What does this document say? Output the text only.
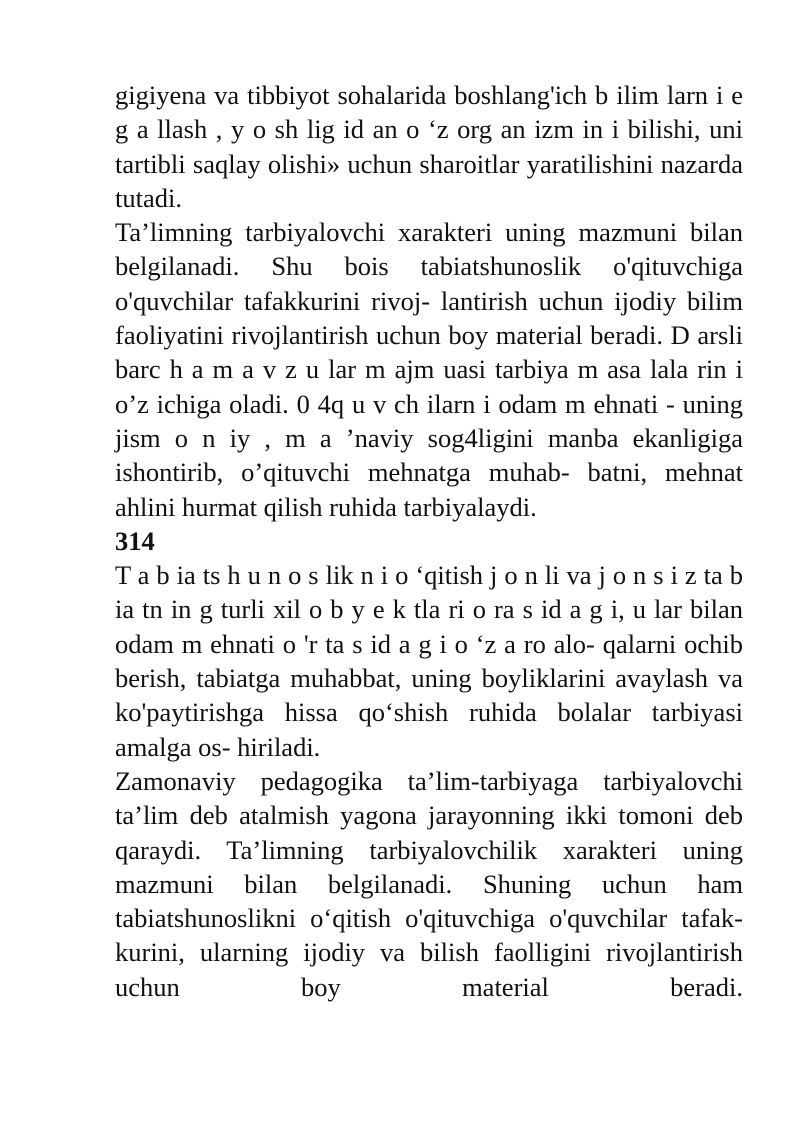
gigiyena va tibbiyot sohalarida boshlang'ich b ilim larn i e g a llash , y o sh lig id an o ‘z org an izm in i bilishi, uni tartibli saqlay olishi» uchun sharoitlar yaratilishini nazarda tutadi.

Ta’limning tarbiyalovchi xarakteri uning mazmuni bilan belgilanadi. Shu bois tabiatshunoslik o'qituvchiga o'quvchilar tafakkurini rivoj- lantirish uchun ijodiy bilim faoliyatini rivojlantirish uchun boy material beradi. D arsli barc h a m a v z u lar m ajm uasi tarbiya m asa lala rin i o’z ichiga oladi. 0 4q u v ch ilarn i odam m ehnati - uning jism o n iy , m a ’naviy sog4ligini manba ekanligiga ishontirib, o’qituvchi mehnatga muhab- batni, mehnat ahlini hurmat qilish ruhida tarbiyalaydi.

314

T a b ia ts h u n o s lik n i o ‘qitish j o n li va j o n s i z ta b ia tn in g turli xil o b y e k tla ri o ra s id a g i, u lar bilan odam m ehnati o 'r ta s id a g i o ‘z a ro alo- qalarni ochib berish, tabiatga muhabbat, uning boyliklarini avaylash va ko'paytirishga hissa qo‘shish ruhida bolalar tarbiyasi amalga os- hiriladi.

Zamonaviy pedagogika ta’lim-tarbiyaga tarbiyalovchi ta’lim deb atalmish yagona jarayonning ikki tomoni deb qaraydi. Ta’limning tarbiyalovchilik xarakteri uning mazmuni bilan belgilanadi. Shuning uchun ham tabiatshunoslikni o‘qitish o'qituvchiga o'quvchilar tafak- kurini, ularning ijodiy va bilish faolligini rivojlantirish uchun boy material beradi.
